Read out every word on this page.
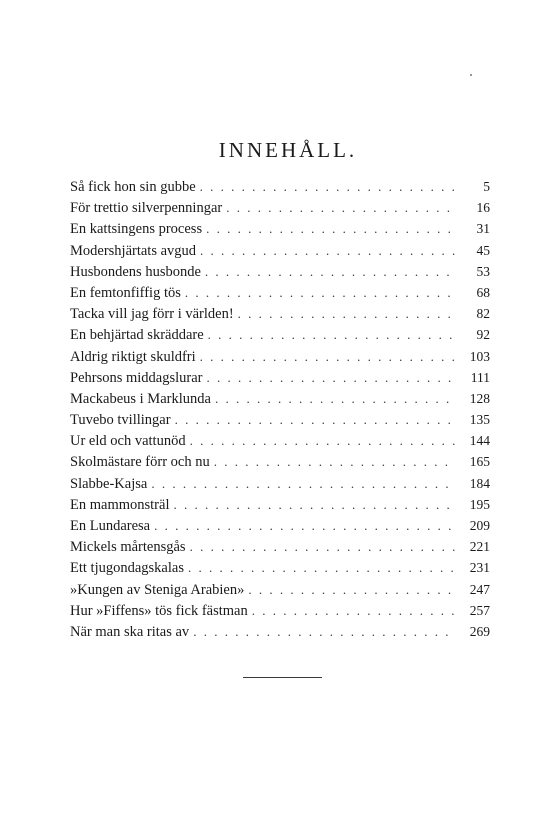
INNEHÅLL.
Så fick hon sin gubbe . . .	5
För trettio silverpenningar . . .	16
En kattsingens process . . .	31
Modershjärtats avgud . . .	45
Husbondens husbonde . . .	53
En femtonfiffig tös . . .	68
Tacka vill jag förr i världen! . . .	82
En behjärtad skräddare . . .	92
Aldrig riktigt skuldfri . . .	103
Pehrsons middagslurar . . .	111
Mackabeus i Marklunda . . .	128
Tuvebo tvillingar . . .	135
Ur eld och vattunöd . . .	144
Skolmästare förr och nu . . .	165
Slabbe-Kajsa . . .	184
En mammonsträl . . .	195
En Lundaresa . . .	209
Mickels mårtensgås . . .	221
Ett tjugondagskalas . . .	231
»Kungen av Steniga Arabien» . . .	247
Hur »Fiffens» tös fick fästman . . .	257
När man ska ritas av . . .	269
